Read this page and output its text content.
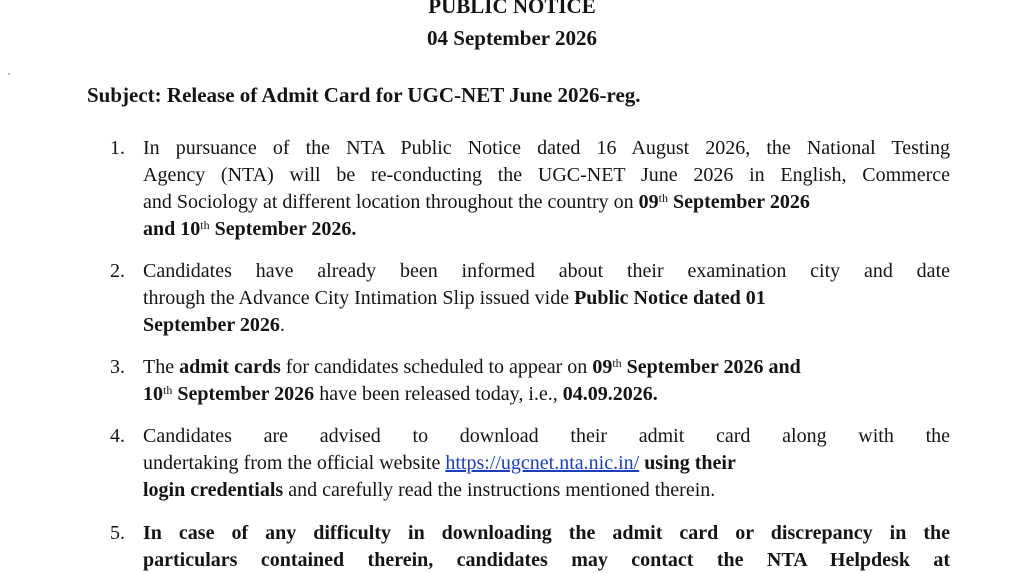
PUBLIC NOTICE
04 September 2026
Subject: Release of Admit Card for UGC-NET June 2026-reg.
1. In pursuance of the NTA Public Notice dated 16 August 2026, the National Testing
Agency (NTA) will be re-conducting the UGC-NET June 2026 in English, Commerce
and Sociology at different location throughout the country on 09th September 2026
and 10th September 2026.
2. Candidates have already been informed about their examination city and date
through the Advance City Intimation Slip issued vide Public Notice dated 01
September 2026.
3. The admit cards for candidates scheduled to appear on 09th September 2026 and
10th September 2026 have been released today, i.e., 04.09.2026.
4. Candidates are advised to download their admit card along with the
undertaking from the official website https://ugcnet.nta.nic.in/ using their
login credentials and carefully read the instructions mentioned therein.
5. In case of any difficulty in downloading the admit card or discrepancy in the
particulars contained therein, candidates may contact the NTA Helpdesk at
